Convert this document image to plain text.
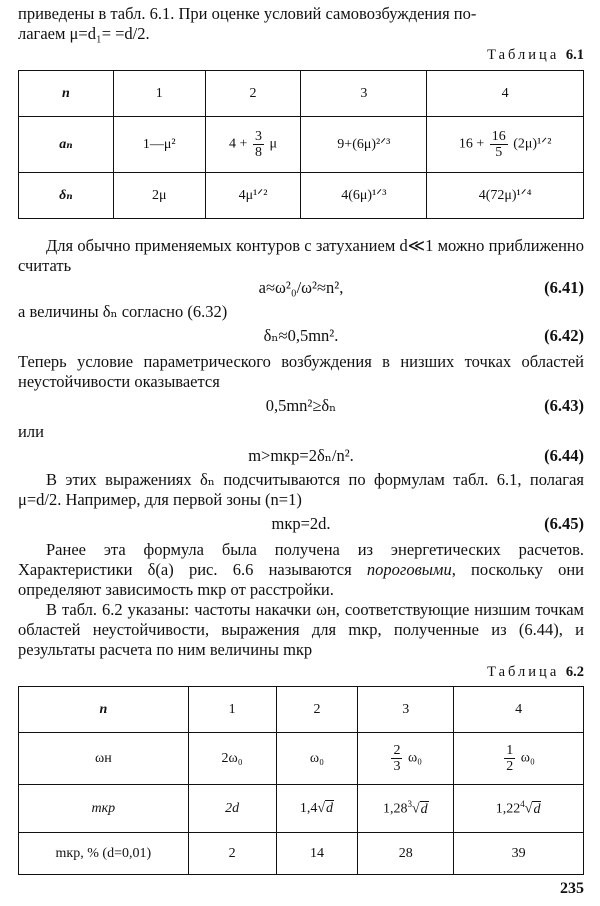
приведены в табл. 6.1. При оценке условий самовозбуждения по-
лагаем μ=d₁= =d/2.
Таблица 6.1
n	1	2	3	4
aₙ	1—μ²	$4 + \frac{3}{8}$ μ	9+(6μ)²ᐟ³	$16 + \frac{16}{5}$ (2μ)¹ᐟ²
δₙ	2μ	4μ¹ᐟ²	4(6μ)¹ᐟ³	4(72μ)¹ᐟ⁴
Для обычно применяемых контуров с затуханием d≪1 можно приближенно считать
a≈ω²₀/ω²≈n²,	(6.41)
а величины δₙ согласно (6.32)
δₙ≈0,5mn².	(6.42)
Теперь условие параметрического возбуждения в низших точках областей неустойчивости оказывается
0,5mn²≥δₙ	(6.43)
или
m>mкр=2δₙ/n².	(6.44)
В этих выражениях δₙ подсчитываются по формулам табл. 6.1, полагая μ=d/2. Например, для первой зоны (n=1)
mкр=2d.	(6.45)
Ранее эта формула была получена из энергетических расчетов. Характеристики δ(a) рис. 6.6 называются пороговыми, поскольку они определяют зависимость mкр от расстройки.
В табл. 6.2 указаны: частоты накачки ωн, соответствующие низшим точкам областей неустойчивости, выражения для mкр, полученные из (6.44), и результаты расчета по ним величины mкр
Таблица 6.2
n	1	2	3	4
ωн	2ω₀	ω₀	$\frac{2}{3} \omega_0$	$\frac{1}{2} \omega_0$
mкр	2d	1,4√d	1,28$^3$√d	1,22$^4$√d
mкр, % (d=0,01)	2	14	28	39
235
